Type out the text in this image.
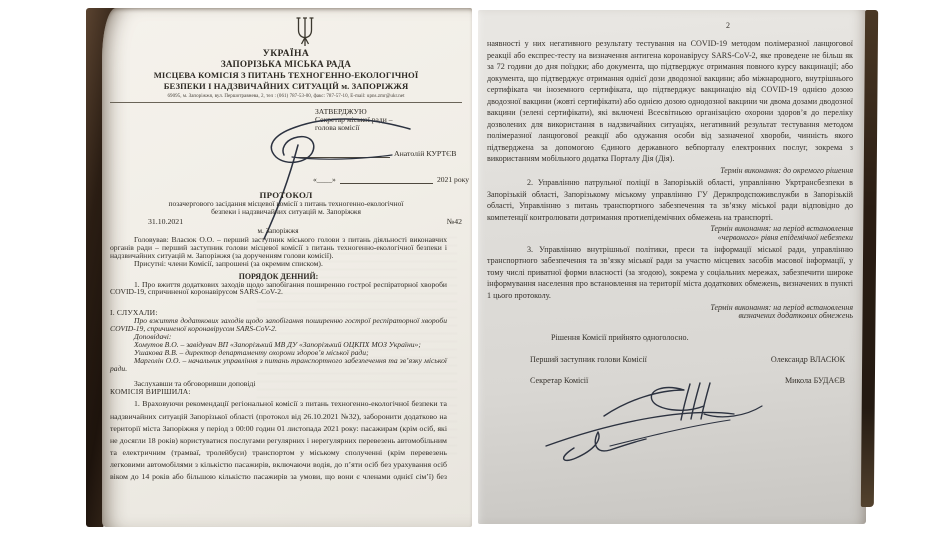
УКРАЇНА
ЗАПОРІЗЬКА МІСЬКА РАДА
МІСЦЕВА КОМІСІЯ З ПИТАНЬ ТЕХНОГЕННО-ЕКОЛОГІЧНОЇ
БЕЗПЕКИ І НАДЗВИЧАЙНИХ СИТУАЦІЙ м. ЗАПОРІЖЖЯ
69095, м. Запоріжжя, вул. Першотравнева, 2, тел : (061) 787-53-00, факс: 787-57-10, E-mail: upns.zmr@ukr.net
ЗАТВЕРДЖУЮ
Секретар міської ради –
голова комісії
Анатолій КУРТЄВ
«____»	2021 року
ПРОТОКОЛ
позачергового засідання місцевої комісії з питань техногенно-екологічної
безпеки і надзвичайних ситуацій м. Запоріжжя
31.10.2021	№42
м. Запоріжжя

Головував: Власюк О.О. – перший заступник міського голови з питань діяльності виконавчих органів ради – перший заступник голови місцевої комісії з питань техногенно-екологічної безпеки і надзвичайних ситуацій м. Запоріжжя (за дорученням голови комісії).

Присутні: члени Комісії, запрошені (за окремим списком).

ПОРЯДОК ДЕННИЙ:

1. Про вжиття додаткових заходів щодо запобігання поширенню гострої респіраторної хвороби COVID-19, спричиненої коронавірусом SARS-CoV-2.

І. СЛУХАЛИ:

Про вжиття додаткових заходів щодо запобігання поширенню гострої респіраторної хвороби COVID-19, спричиненої коронавірусом SARS-CoV-2.

Доповідачі:

Хомутов В.О. – завідувач ВП «Запорізький МВ ДУ «Запорізький ОЦКПХ МОЗ України»;

Ушакова В.В. – директор департаменту охорони здоров’я міської ради;

Марголін О.О. – начальник управління з питань транспортного забезпечення та зв’язку міської ради.

Заслухавши та обговоривши доповіді

КОМІСІЯ ВИРІШИЛА:

1. Враховуючи рекомендації регіональної комісії з питань техногенно-екологічної безпеки та надзвичайних ситуацій Запорізької області (протокол від 26.10.2021 №32), заборонити додатково на території міста Запоріжжя у період з 00:00 годин 01 листопада 2021 року: пасажирам (крім осіб, які не досягли 18 років) користуватися послугами регулярних і нерегулярних перевезень автомобільним та електричним (трамваї, тролейбуси) транспортом у міському сполученні (крім перевезень легковими автомобілями з кількістю пасажирів, включаючи водія, до п’яти осіб без урахування осіб віком до 14 років або більшою кількістю пасажирів за умови, що вони є членами однієї сім’ї) без

2

наявності у них негативного результату тестування на COVID-19 методом полімеразної ланцюгової реакції або експрес-тесту на визначення антигена коронавірусу SARS-CoV-2, яке проведене не більш як за 72 години до дня поїздки; або документа, що підтверджує отримання повного курсу вакцинації; або документа, що підтверджує отримання однієї дози дводозної вакцини; або міжнародного, внутрішнього сертифіката чи іноземного сертифіката, що підтверджує вакцинацію від COVID-19 однією дозою дводозної вакцини (жовті сертифікати) або однією дозою однодозної вакцини чи двома дозами дводозної вакцини (зелені сертифікати), які включені Всесвітньою організацією охорони здоров’я до переліку дозволених для використання в надзвичайних ситуаціях, негативний результат тестування методом полімеразної ланцюгової реакції або одужання особи від зазначеної хвороби, чинність якого підтверджена за допомогою Єдиного державного вебпорталу електронних послуг, зокрема з використанням мобільного додатка Порталу Дія (Дія).

Термін виконання: до окремого рішення

2. Управлінню патрульної поліції в Запорізькій області, управлінню Укртрансбезпеки в Запорізькій області, Запорізькому міському управлінню ГУ Держпродспоживслужби в Запорізькій області, Управлінню з питань транспортного забезпечення та зв’язку міської ради відповідно до компетенції контролювати дотримання протиепідемічних обмежень на транспорті.

Термін виконання: на період встановлення

«червоного» рівня епідемічної небезпеки

3. Управлінню внутрішньої політики, преси та інформації міської ради, управлінню транспортного забезпечення та зв’язку міської ради за участю місцевих засобів масової інформації, у тому числі приватної форми власності (за згодою), зокрема у соціальних мережах, забезпечити широке інформування населення про встановлення на території міста додаткових обмежень, визначених в пункті 1 цього протоколу.

Термін виконання: на період встановлення

визначених додаткових обмежень

Рішення Комісії прийнято одноголосно.

Перший заступник голови Комісії	Олександр ВЛАСЮК
Секретар Комісії	Микола БУДАЄВ
